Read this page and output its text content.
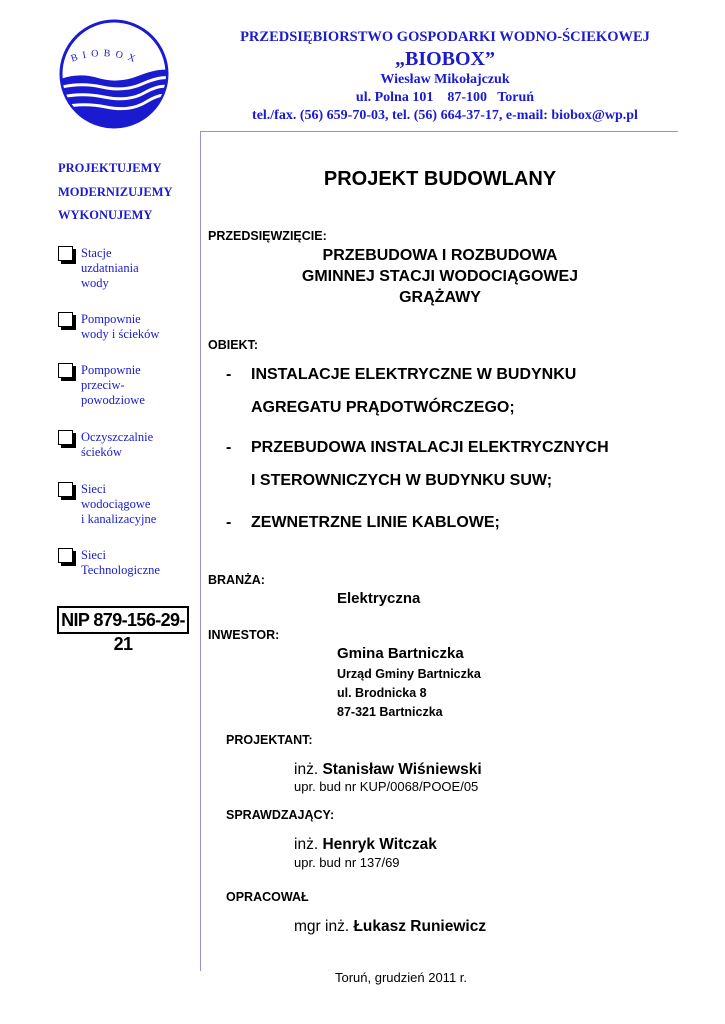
BIOBOX
PRZEDSIĘBIORSTWO GOSPODARKI WODNO-ŚCIEKOWEJ
„BIOBOX”
Wiesław Mikołajczuk
ul. Polna 101    87-100   Toruń
tel./fax. (56) 659-70-03, tel. (56) 664-37-17, e-mail: biobox@wp.pl
PROJEKTUJEMY
MODERNIZUJEMY
WYKONUJEMY
Stacje
uzdatniania
wody
Pompownie
wody i ścieków
Pompownie
przeciw-
powodziowe
Oczyszczalnie
ścieków
Sieci
wodociągowe
i kanalizacyjne
Sieci
Technologiczne
NIP 879-156-29-21
PROJEKT BUDOWLANY
PRZEDSIĘWZIĘCIE:
PRZEBUDOWA I ROZBUDOWA
GMINNEJ STACJI WODOCIĄGOWEJ
GRĄŻAWY
OBIEKT:
- INSTALACJE ELEKTRYCZNE W BUDYNKU
AGREGATU PRĄDOTWÓRCZEGO;
- PRZEBUDOWA INSTALACJI ELEKTRYCZNYCH
I STEROWNICZYCH W BUDYNKU SUW;
- ZEWNETRZNE LINIE KABLOWE;
BRANŻA:
Elektryczna
INWESTOR:
Gmina Bartniczka
Urząd Gminy Bartniczka
ul. Brodnicka 8
87-321 Bartniczka
PROJEKTANT:
inż. Stanisław Wiśniewski
upr. bud nr KUP/0068/POOE/05
SPRAWDZAJĄCY:
inż. Henryk Witczak
upr. bud nr 137/69
OPRACOWAŁ
mgr inż. Łukasz Runiewicz
Toruń, grudzień 2011 r.
